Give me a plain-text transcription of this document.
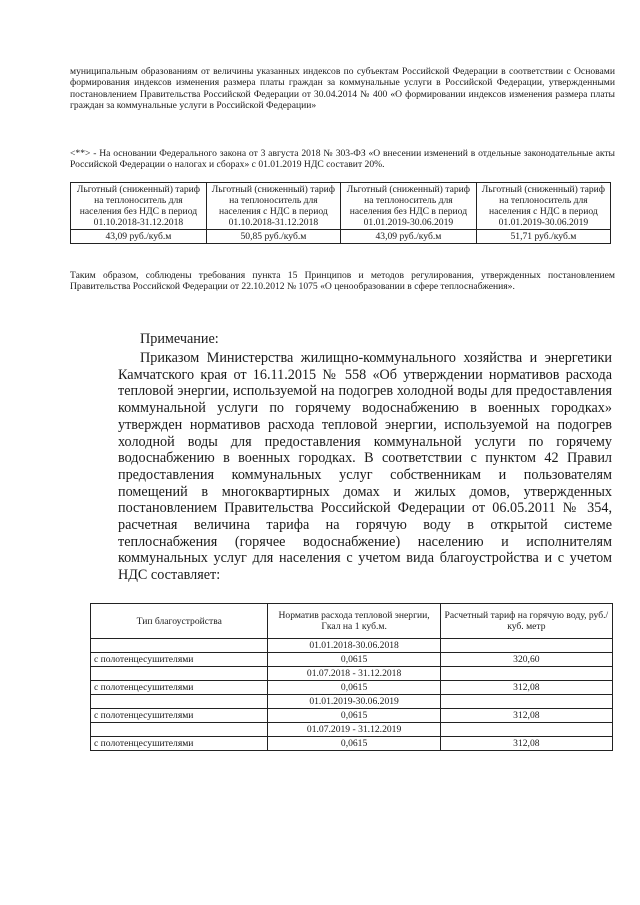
муниципальным образованиям от величины указанных индексов по субъектам Российской Федерации в соответствии с Основами формирования индексов изменения размера платы граждан за коммунальные услуги в Российской Федерации, утвержденными постановлением Правительства Российской Федерации от 30.04.2014 № 400 «О формировании индексов изменения размера платы граждан за коммунальные услуги в Российской Федерации»
<**> - На основании Федерального закона от 3 августа 2018 № 303-ФЗ «О внесении изменений в отдельные законодательные акты Российской Федерации о налогах и сборах» с 01.01.2019 НДС составит 20%.
Льготный (сниженный) тариф на теплоноситель для населения без НДС в период 01.10.2018-31.12.2018	Льготный (сниженный) тариф на теплоноситель для населения с НДС в период 01.10.2018-31.12.2018	Льготный (сниженный) тариф на теплоноситель для населения без НДС в период 01.01.2019-30.06.2019	Льготный (сниженный) тариф на теплоноситель для населения с НДС в период 01.01.2019-30.06.2019
43,09 руб./куб.м	50,85 руб./куб.м	43,09 руб./куб.м	51,71 руб./куб.м
Таким образом, соблюдены требования пункта 15 Принципов и методов регулирования, утвержденных постановлением Правительства Российской Федерации от 22.10.2012 № 1075 «О ценообразовании в сфере теплоснабжения».
Примечание:
Приказом Министерства жилищно-коммунального хозяйства и энергетики Камчатского края от 16.11.2015 № 558 «Об утверждении нормативов расхода тепловой энергии, используемой на подогрев холодной воды для предоставления коммунальной услуги по горячему водоснабжению в военных городках» утвержден нормативов расхода тепловой энергии, используемой на подогрев холодной воды для предоставления коммунальной услуги по горячему водоснабжению в военных городках. В соответствии с пунктом 42 Правил предоставления коммунальных услуг собственникам и пользователям помещений в многоквартирных домах и жилых домов, утвержденных постановлением Правительства Российской Федерации от 06.05.2011 № 354, расчетная величина тарифа на горячую воду в открытой системе теплоснабжения (горячее водоснабжение) населению и исполнителям коммунальных услуг для населения с учетом вида благоустройства и с учетом НДС составляет:
Тип благоустройства	Норматив расхода тепловой энергии, Гкал на 1 куб.м.	Расчетный тариф на горячую воду, руб./куб. метр
	01.01.2018-30.06.2018	
с полотенцесушителями	0,0615	320,60
	01.07.2018 - 31.12.2018	
с полотенцесушителями	0,0615	312,08
	01.01.2019-30.06.2019	
с полотенцесушителями	0,0615	312,08
	01.07.2019 - 31.12.2019	
с полотенцесушителями	0,0615	312,08
